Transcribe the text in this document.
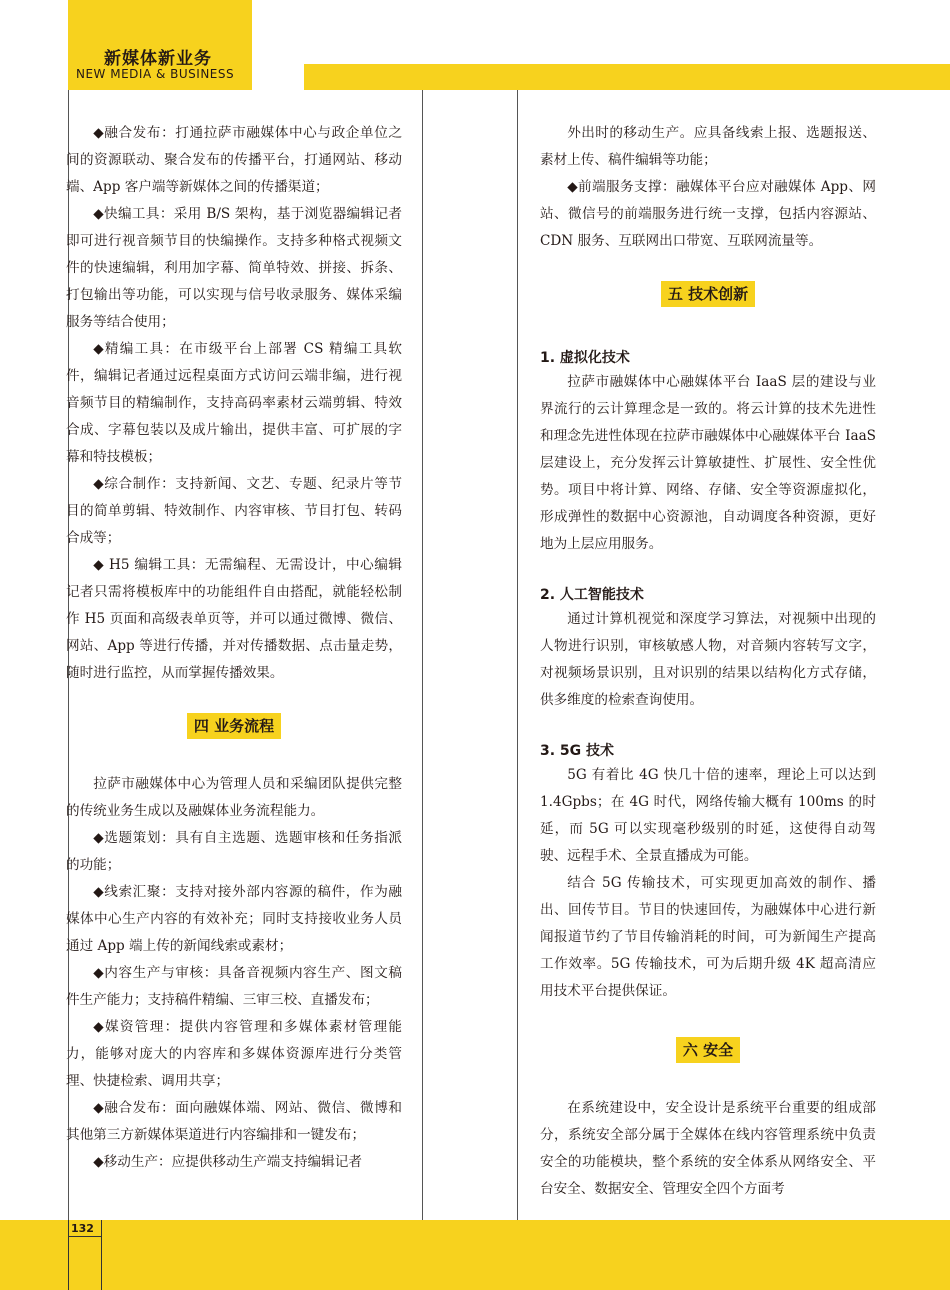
新媒体新业务
NEW MEDIA & BUSINESS

◆融合发布：打通拉萨市融媒体中心与政企单位之间的资源联动、聚合发布的传播平台，打通网站、移动端、App 客户端等新媒体之间的传播渠道；

◆快编工具：采用 B/S 架构，基于浏览器编辑记者即可进行视音频节目的快编操作。支持多种格式视频文件的快速编辑，利用加字幕、简单特效、拼接、拆条、打包输出等功能，可以实现与信号收录服务、媒体采编服务等结合使用；

◆精编工具：在市级平台上部署 CS 精编工具软件，编辑记者通过远程桌面方式访问云端非编，进行视音频节目的精编制作，支持高码率素材云端剪辑、特效合成、字幕包装以及成片输出，提供丰富、可扩展的字幕和特技模板；

◆综合制作：支持新闻、文艺、专题、纪录片等节目的简单剪辑、特效制作、内容审核、节目打包、转码合成等；

◆ H5 编辑工具：无需编程、无需设计，中心编辑记者只需将模板库中的功能组件自由搭配，就能轻松制作 H5 页面和高级表单页等，并可以通过微博、微信、网站、App 等进行传播，并对传播数据、点击量走势，随时进行监控，从而掌握传播效果。

四 业务流程

拉萨市融媒体中心为管理人员和采编团队提供完整的传统业务生成以及融媒体业务流程能力。

◆选题策划：具有自主选题、选题审核和任务指派的功能；

◆线索汇聚：支持对接外部内容源的稿件，作为融媒体中心生产内容的有效补充；同时支持接收业务人员通过 App 端上传的新闻线索或素材；

◆内容生产与审核：具备音视频内容生产、图文稿件生产能力；支持稿件精编、三审三校、直播发布；

◆媒资管理：提供内容管理和多媒体素材管理能力，能够对庞大的内容库和多媒体资源库进行分类管理、快捷检索、调用共享；

◆融合发布：面向融媒体端、网站、微信、微博和其他第三方新媒体渠道进行内容编排和一键发布；

◆移动生产：应提供移动生产端支持编辑记者

外出时的移动生产。应具备线索上报、选题报送、素材上传、稿件编辑等功能；

◆前端服务支撑：融媒体平台应对融媒体 App、网站、微信号的前端服务进行统一支撑，包括内容源站、CDN 服务、互联网出口带宽、互联网流量等。

五 技术创新
1. 虚拟化技术

拉萨市融媒体中心融媒体平台 IaaS 层的建设与业界流行的云计算理念是一致的。将云计算的技术先进性和理念先进性体现在拉萨市融媒体中心融媒体平台 IaaS 层建设上，充分发挥云计算敏捷性、扩展性、安全性优势。项目中将计算、网络、存储、安全等资源虚拟化，形成弹性的数据中心资源池，自动调度各种资源，更好地为上层应用服务。

2. 人工智能技术

通过计算机视觉和深度学习算法，对视频中出现的人物进行识别，审核敏感人物，对音频内容转写文字，对视频场景识别，且对识别的结果以结构化方式存储，供多维度的检索查询使用。

3. 5G 技术

5G 有着比 4G 快几十倍的速率，理论上可以达到 1.4Gpbs；在 4G 时代，网络传输大概有 100ms 的时延，而 5G 可以实现毫秒级别的时延，这使得自动驾驶、远程手术、全景直播成为可能。

结合 5G 传输技术，可实现更加高效的制作、播出、回传节目。节目的快速回传，为融媒体中心进行新闻报道节约了节目传输消耗的时间，可为新闻生产提高工作效率。5G 传输技术，可为后期升级 4K 超高清应用技术平台提供保证。

六 安全

在系统建设中，安全设计是系统平台重要的组成部分，系统安全部分属于全媒体在线内容管理系统中负责安全的功能模块，整个系统的安全体系从网络安全、平台安全、数据安全、管理安全四个方面考

132
